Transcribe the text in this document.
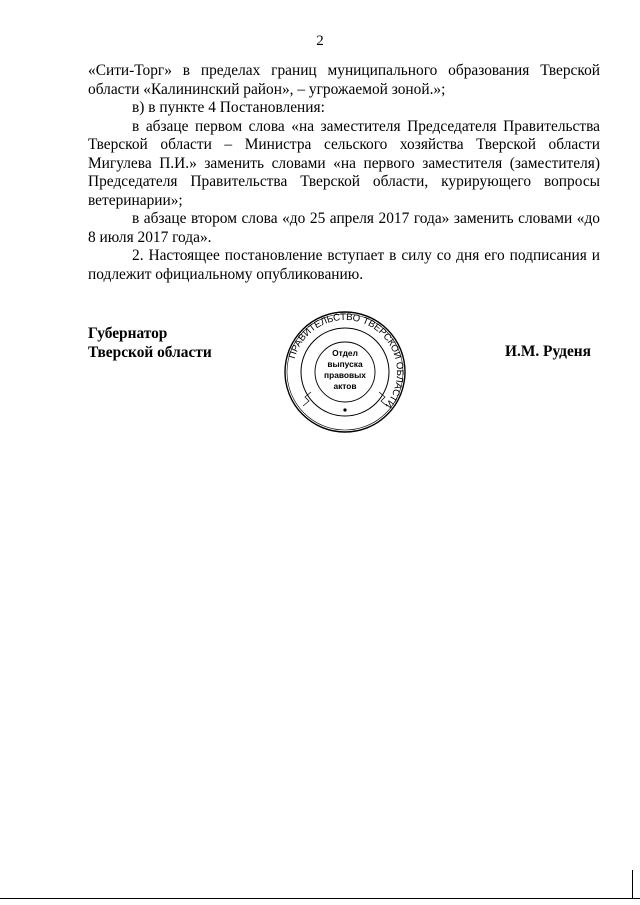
2

«Сити-Торг» в пределах границ муниципального образования Тверской области «Калининский район», – угрожаемой зоной.»;

в) в пункте 4 Постановления:

в абзаце первом слова «на заместителя Председателя Правительства Тверской области – Министра сельского хозяйства Тверской области Мигулева П.И.» заменить словами «на первого заместителя (заместителя) Председателя Правительства Тверской области, курирующего вопросы ветеринарии»;

в абзаце втором слова «до 25 апреля 2017 года» заменить словами «до 8 июля 2017 года».

2. Настоящее постановление вступает в силу со дня его подписания и подлежит официальному опубликованию.

Губернатор
Тверской области	ПРАВИТЕЛЬСТВО ТВЕРСКОЙ ОБЛАСТИ
Отдел
выпуска
правовых
актов
И.М. Руденя
